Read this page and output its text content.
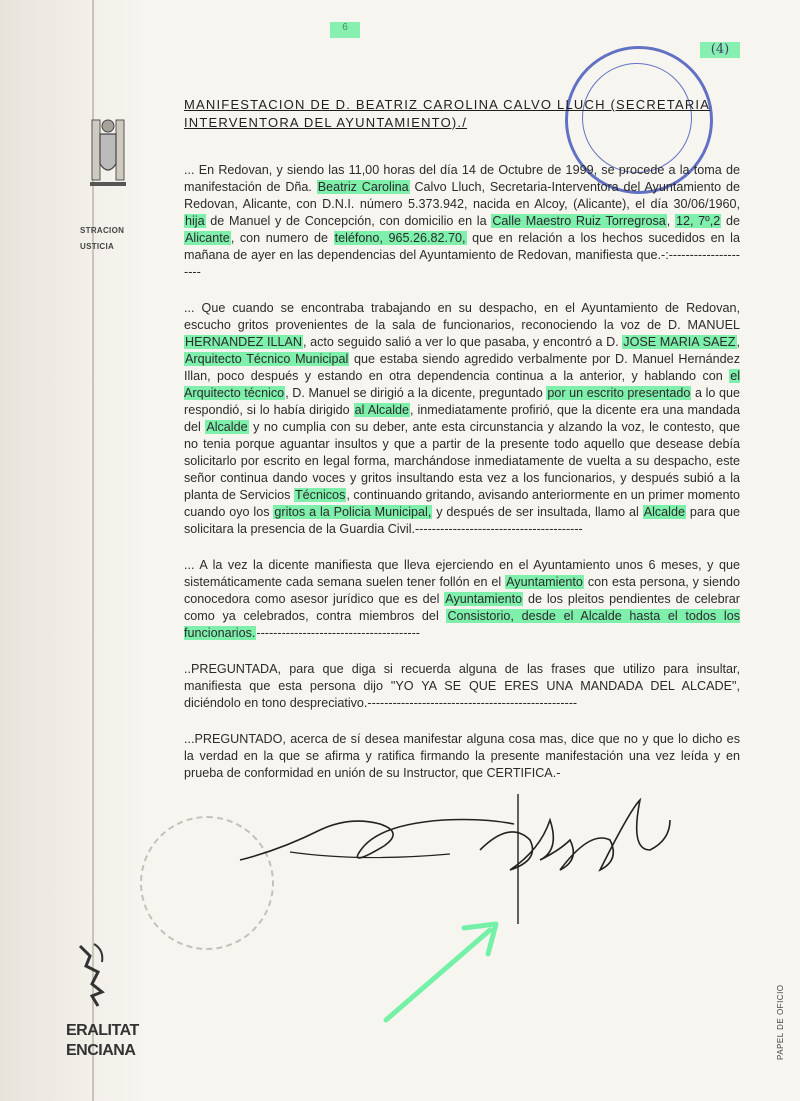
STRACION
USTICIA
ERALITAT
ENCIANA	PAPEL DE OFICIO
6
(4)
MANIFESTACION DE D. BEATRIZ CAROLINA CALVO LLUCH (SECRETARIA INTERVENTORA DEL AYUNTAMIENTO)./

... En Redovan, y siendo las 11,00 horas del día 14 de Octubre de 1999, se procede a la toma de manifestación de Dña. Beatriz Carolina Calvo Lluch, Secretaria-Interventora del Ayuntamiento de Redovan, Alicante, con D.N.I. número 5.373.942, nacida en Alcoy, (Alicante), el día 30/06/1960, hija de Manuel y de Concepción, con domicilio en la Calle Maestro Ruiz Torregrosa, 12, 7º,2 de Alicante, con numero de teléfono, 965.26.82.70, que en relación a los hechos sucedidos en la mañana de ayer en las dependencias del Ayuntamiento de Redovan, manifiesta que.-:---------------------

... Que cuando se encontraba trabajando en su despacho, en el Ayuntamiento de Redovan, escucho gritos provenientes de la sala de funcionarios, reconociendo la voz de D. MANUEL HERNANDEZ ILLAN, acto seguido salió a ver lo que pasaba, y encontró a D. JOSE MARIA SAEZ, Arquitecto Técnico Municipal que estaba siendo agredido verbalmente por D. Manuel Hernández Illan, poco después y estando en otra dependencia continua a la anterior, y hablando con el Arquitecto técnico, D. Manuel se dirigió a la dicente, preguntado por un escrito presentado a lo que respondió, si lo había dirigido al Alcalde, inmediatamente profirió, que la dicente era una mandada del Alcalde y no cumplia con su deber, ante esta circunstancia y alzando la voz, le contesto, que no tenia porque aguantar insultos y que a partir de la presente todo aquello que desease debía solicitarlo por escrito en legal forma, marchándose inmediatamente de vuelta a su despacho, este señor continua dando voces y gritos insultando esta vez a los funcionarios, y después subió a la planta de Servicios Técnicos, continuando gritando, avisando anteriormente en un primer momento cuando oyo los gritos a la Policia Municipal, y después de ser insultada, llamo al Alcalde para que solicitara la presencia de la Guardia Civil.----------------------------------------

... A la vez la dicente manifiesta que lleva ejerciendo en el Ayuntamiento unos 6 meses, y que sistemáticamente cada semana suelen tener follón en el Ayuntamiento con esta persona, y siendo conocedora como asesor jurídico que es del Ayuntamiento de los pleitos pendientes de celebrar como ya celebrados, contra miembros del Consistorio, desde el Alcalde hasta el todos los funcionarios.---------------------------------------

..PREGUNTADA, para que diga si recuerda alguna de las frases que utilizo para insultar, manifiesta que esta persona dijo "YO YA SE QUE ERES UNA MANDADA DEL ALCADE", diciéndolo en tono despreciativo.--------------------------------------------------

...PREGUNTADO, acerca de sí desea manifestar alguna cosa mas, dice que no y que lo dicho es la verdad en la que se afirma y ratifica firmando la presente manifestación una vez leída y en prueba de conformidad en unión de su Instructor, que CERTIFICA.-
